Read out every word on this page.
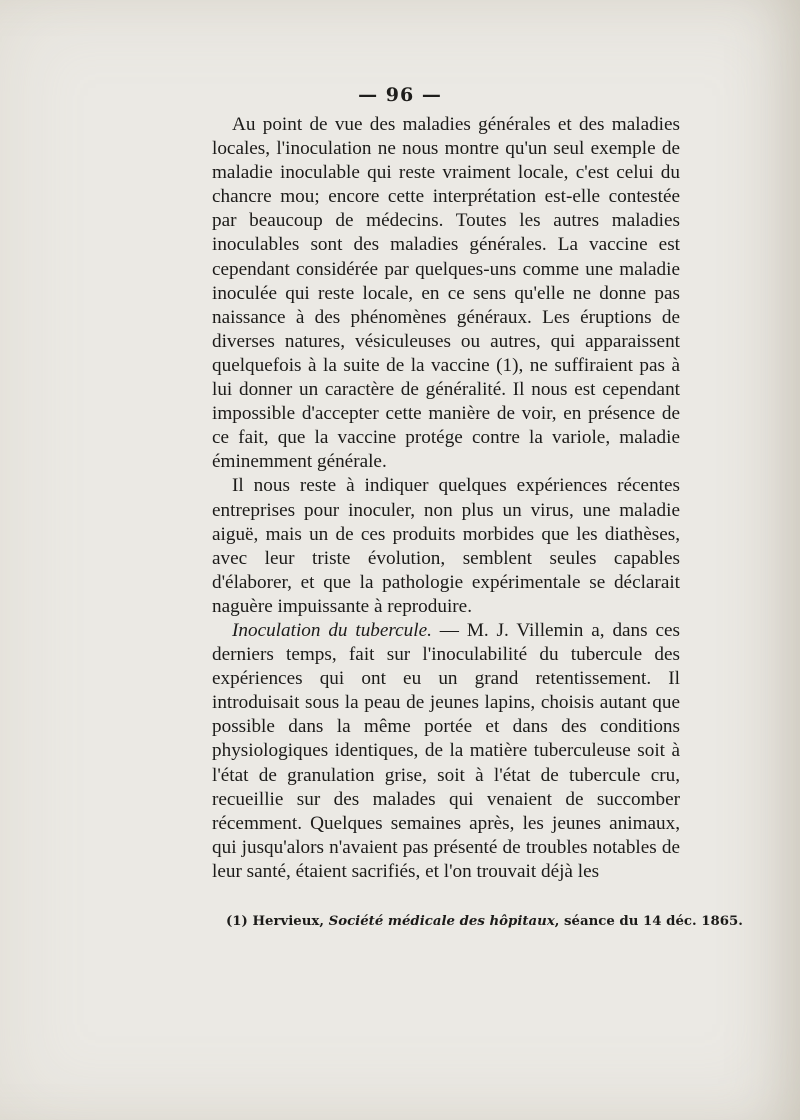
— 96 —

Au point de vue des maladies générales et des maladies locales, l'inoculation ne nous montre qu'un seul exemple de maladie inoculable qui reste vraiment locale, c'est celui du chancre mou; encore cette interprétation est-elle contestée par beaucoup de médecins. Toutes les autres maladies inoculables sont des maladies générales. La vaccine est cependant considérée par quelques-uns comme une maladie inoculée qui reste locale, en ce sens qu'elle ne donne pas naissance à des phénomènes généraux. Les éruptions de diverses natures, vésiculeuses ou autres, qui apparaissent quelquefois à la suite de la vaccine (1), ne suffiraient pas à lui donner un caractère de généralité. Il nous est cependant impossible d'accepter cette manière de voir, en présence de ce fait, que la vaccine protége contre la variole, maladie éminemment générale.

Il nous reste à indiquer quelques expériences récentes entreprises pour inoculer, non plus un virus, une maladie aiguë, mais un de ces produits morbides que les diathèses, avec leur triste évolution, semblent seules capables d'élaborer, et que la pathologie expérimentale se déclarait naguère impuissante à reproduire.

Inoculation du tubercule. — M. J. Villemin a, dans ces derniers temps, fait sur l'inoculabilité du tubercule des expériences qui ont eu un grand retentissement. Il introduisait sous la peau de jeunes lapins, choisis autant que possible dans la même portée et dans des conditions physiologiques identiques, de la matière tuberculeuse soit à l'état de granulation grise, soit à l'état de tubercule cru, recueillie sur des malades qui venaient de succomber récemment. Quelques semaines après, les jeunes animaux, qui jusqu'alors n'avaient pas présenté de troubles notables de leur santé, étaient sacrifiés, et l'on trouvait déjà les

(1) Hervieux, Société médicale des hôpitaux, séance du 14 déc. 1865.
